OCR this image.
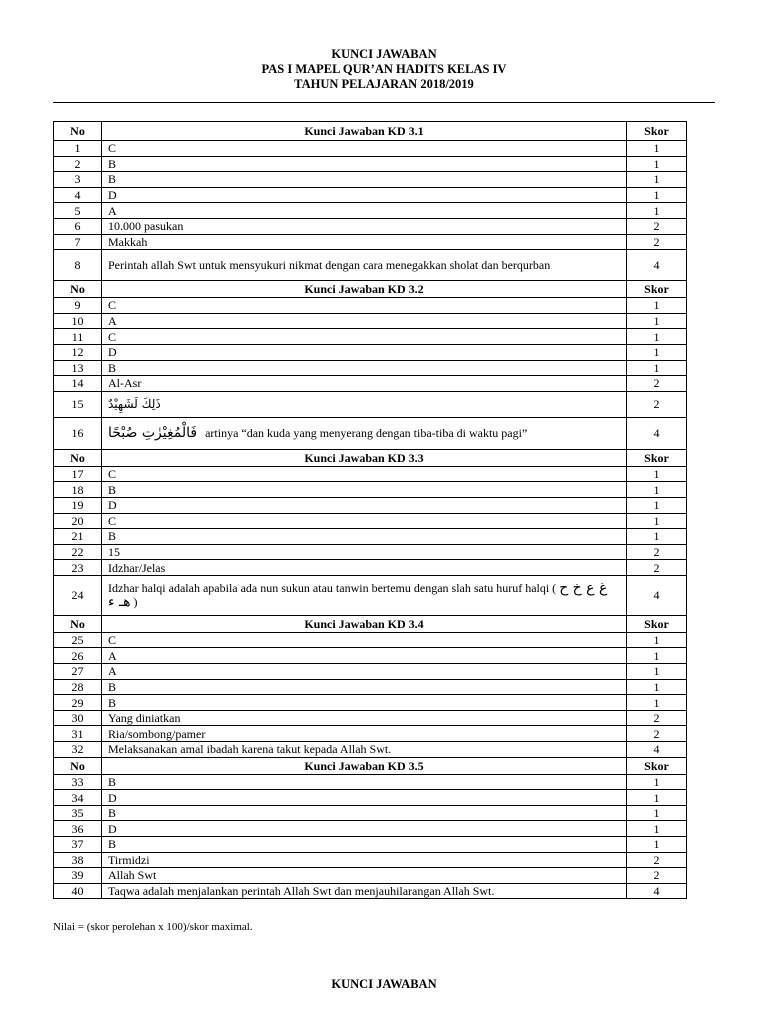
KUNCI JAWABAN
PAS I MAPEL QUR’AN HADITS KELAS IV
TAHUN PELAJARAN 2018/2019
No	Kunci Jawaban KD 3.1	Skor
1	C	1
2	B	1
3	B	1
4	D	1
5	A	1
6	10.000 pasukan	2
7	Makkah	2
8	Perintah allah Swt untuk mensyukuri nikmat dengan cara menegakkan sholat dan berqurban	4
No	Kunci Jawaban KD 3.2	Skor
9	C	1
10	A	1
11	C	1
12	D	1
13	B	1
14	Al-Asr	2
15	ذَلِكَ لَشَهِيْدٌ	2
16	فَالْمُغِيْرٰتِ صُبْحًا artinya “dan kuda yang menyerang dengan tiba-tiba di waktu pagi”	4
No	Kunci Jawaban KD 3.3	Skor
17	C	1
18	B	1
19	D	1
20	C	1
21	B	1
22	15	2
23	Idzhar/Jelas	2
24	Idzhar halqi adalah apabila ada nun sukun atau tanwin bertemu dengan slah satu huruf halqi ( غ ع خ ح هـ ء )	4
No	Kunci Jawaban KD 3.4	Skor
25	C	1
26	A	1
27	A	1
28	B	1
29	B	1
30	Yang diniatkan	2
31	Ria/sombong/pamer	2
32	Melaksanakan amal ibadah karena takut kepada Allah Swt.	4
No	Kunci Jawaban KD 3.5	Skor
33	B	1
34	D	1
35	B	1
36	D	1
37	B	1
38	Tirmidzi	2
39	Allah Swt	2
40	Taqwa adalah menjalankan perintah Allah Swt dan menjauhilarangan Allah Swt.	4
Nilai = (skor perolehan x 100)/skor maximal.
KUNCI JAWABAN
